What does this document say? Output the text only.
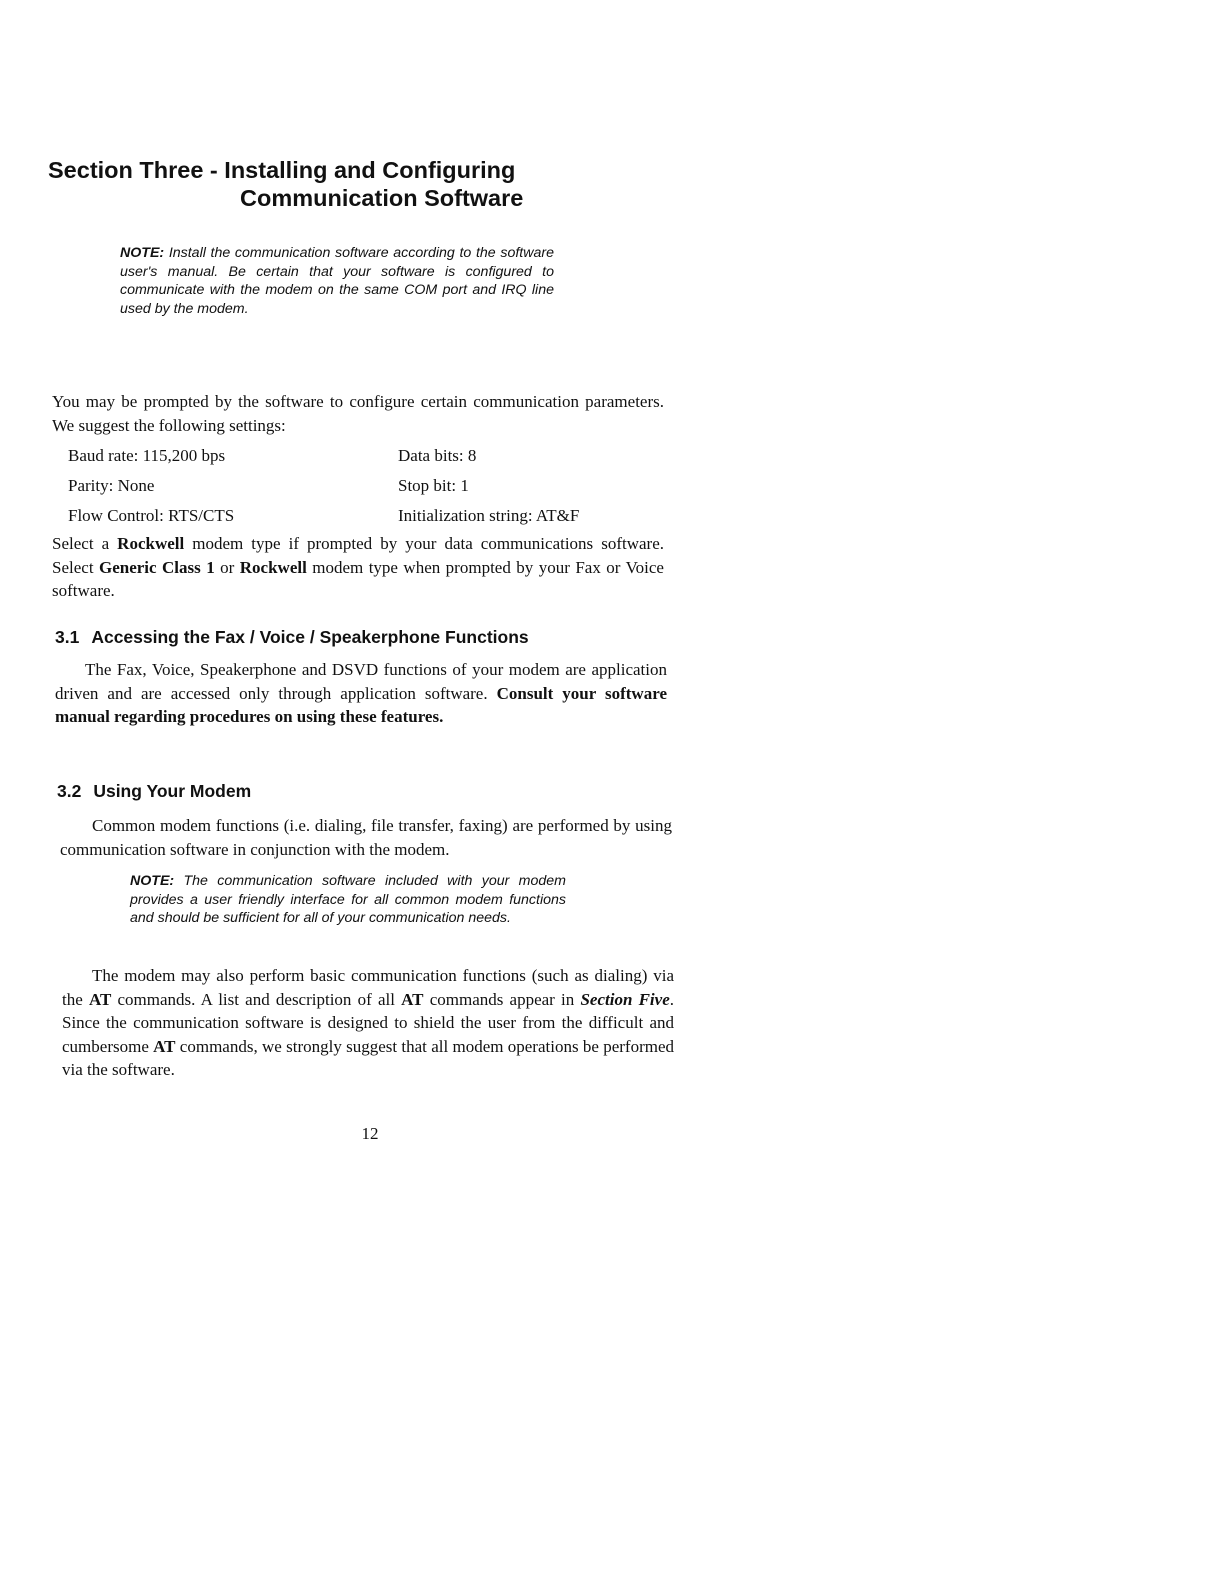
Section Three - Installing and Configuring
Communication Software

NOTE: Install the communication software according to the software user's manual. Be certain that your software is configured to communicate with the modem on the same COM port and IRQ line used by the modem.

You may be prompted by the software to configure certain communication parameters. We suggest the following settings:

Baud rate: 115,200 bps	Data bits: 8
Parity: None	Stop bit: 1
Flow Control: RTS/CTS	Initialization string: AT&F

Select a Rockwell modem type if prompted by your data communications software. Select Generic Class 1 or Rockwell modem type when prompted by your Fax or Voice software.

3.1 Accessing the Fax / Voice / Speakerphone Functions

The Fax, Voice, Speakerphone and DSVD functions of your modem are application driven and are accessed only through application software. Consult your software manual regarding procedures on using these features.

3.2 Using Your Modem

Common modem functions (i.e. dialing, file transfer, faxing) are performed by using communication software in conjunction with the modem.

NOTE: The communication software included with your modem provides a user friendly interface for all common modem functions and should be sufficient for all of your communication needs.

The modem may also perform basic communication functions (such as dialing) via the AT commands. A list and description of all AT commands appear in Section Five. Since the communication software is designed to shield the user from the difficult and cumbersome AT commands, we strongly suggest that all modem operations be performed via the software.

12
